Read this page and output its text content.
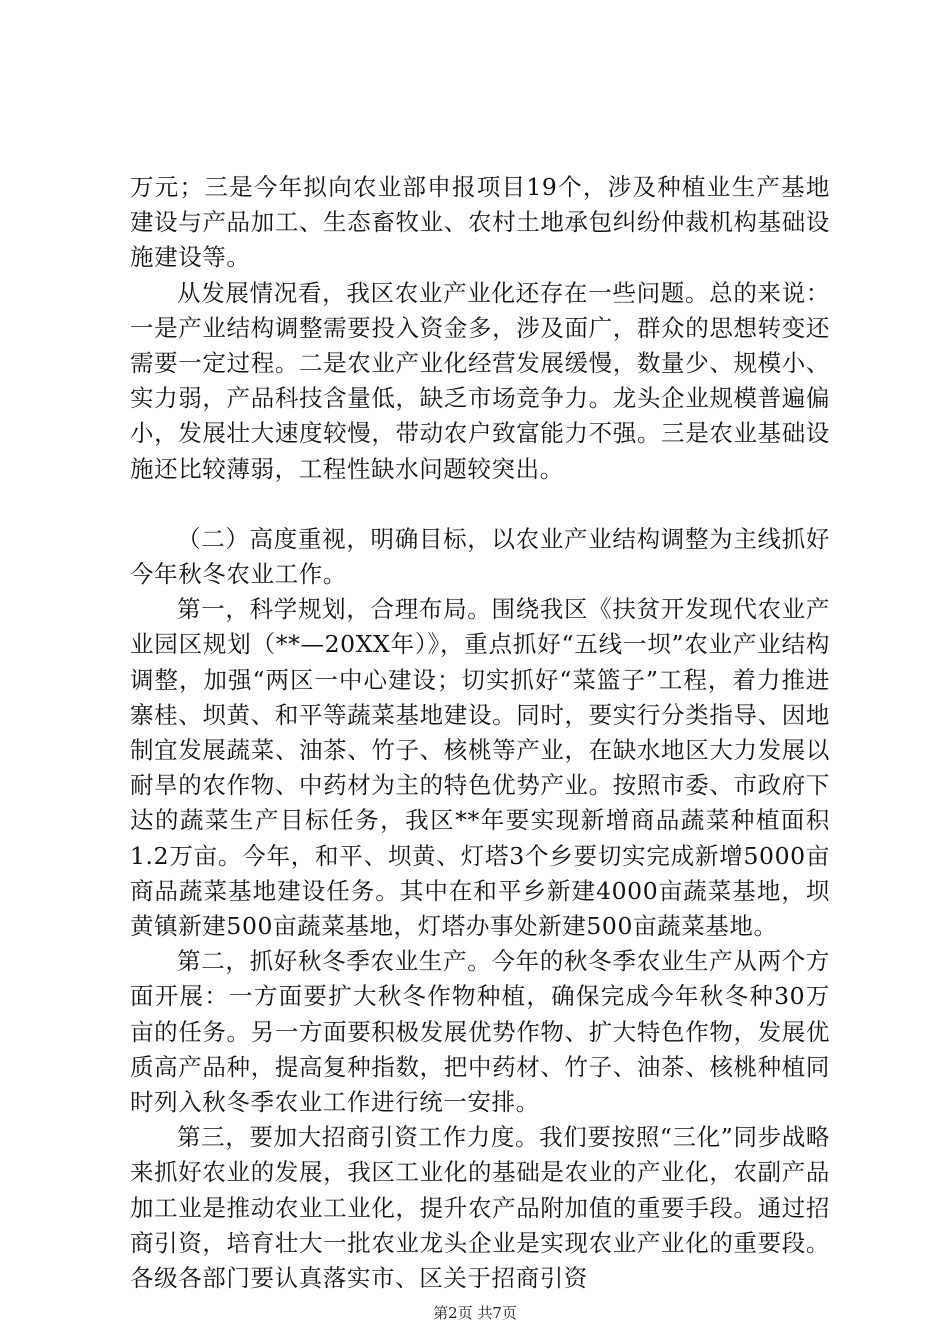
万元；三是今年拟向农业部申报项目19个，涉及种植业生产基地建设与产品加工、生态畜牧业、农村土地承包纠纷仲裁机构基础设施建设等。

从发展情况看，我区农业产业化还存在一些问题。总的来说：一是产业结构调整需要投入资金多，涉及面广，群众的思想转变还需要一定过程。二是农业产业化经营发展缓慢，数量少、规模小、实力弱，产品科技含量低，缺乏市场竞争力。龙头企业规模普遍偏小，发展壮大速度较慢，带动农户致富能力不强。三是农业基础设施还比较薄弱，工程性缺水问题较突出。

（二）高度重视，明确目标，以农业产业结构调整为主线抓好今年秋冬农业工作。

第一，科学规划，合理布局。围绕我区《扶贫开发现代农业产业园区规划（**—20XX年）》，重点抓好“五线一坝”农业产业结构调整，加强“两区一中心建设；切实抓好“菜篮子”工程，着力推进寨桂、坝黄、和平等蔬菜基地建设。同时，要实行分类指导、因地制宜发展蔬菜、油茶、竹子、核桃等产业，在缺水地区大力发展以耐旱的农作物、中药材为主的特色优势产业。按照市委、市政府下达的蔬菜生产目标任务，我区**年要实现新增商品蔬菜种植面积1.2万亩。今年，和平、坝黄、灯塔3个乡要切实完成新增5000亩商品蔬菜基地建设任务。其中在和平乡新建4000亩蔬菜基地，坝黄镇新建500亩蔬菜基地，灯塔办事处新建500亩蔬菜基地。

第二，抓好秋冬季农业生产。今年的秋冬季农业生产从两个方面开展：一方面要扩大秋冬作物种植，确保完成今年秋冬种30万亩的任务。另一方面要积极发展优势作物、扩大特色作物，发展优质高产品种，提高复种指数，把中药材、竹子、油茶、核桃种植同时列入秋冬季农业工作进行统一安排。

第三，要加大招商引资工作力度。我们要按照“三化”同步战略来抓好农业的发展，我区工业化的基础是农业的产业化，农副产品加工业是推动农业工业化，提升农产品附加值的重要手段。通过招商引资，培育壮大一批农业龙头企业是实现农业产业化的重要段。各级各部门要认真落实市、区关于招商引资

第2页 共7页
